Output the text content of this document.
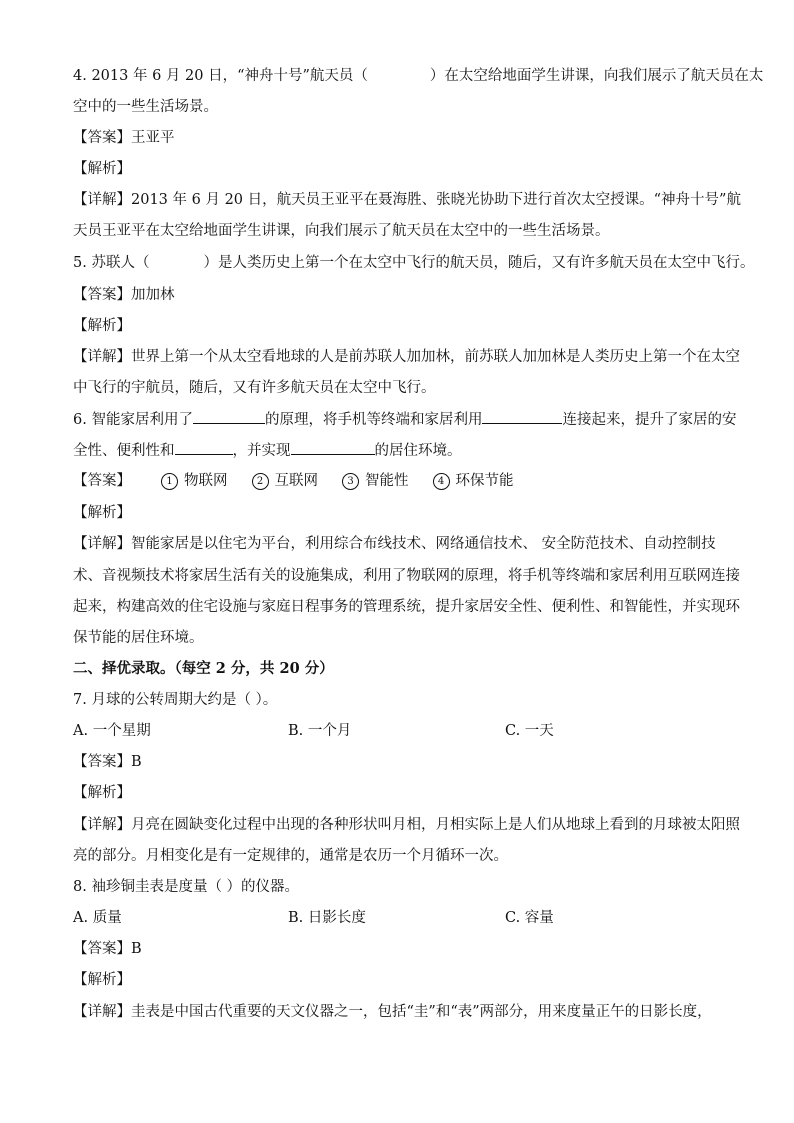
4. 2013 年 6 月 20 日，“神舟十号”航天员（	）在太空给地面学生讲课，向我们展示了航天员在太
空中的一些生活场景。
【答案】王亚平
【解析】
【详解】2013 年 6 月 20 日，航天员王亚平在聂海胜、张晓光协助下进行首次太空授课。“神舟十号”航
天员王亚平在太空给地面学生讲课，向我们展示了航天员在太空中的一些生活场景。
5. 苏联人（	）是人类历史上第一个在太空中飞行的航天员，随后，又有许多航天员在太空中飞行。
【答案】加加林
【解析】
【详解】世界上第一个从太空看地球的人是前苏联人加加林，前苏联人加加林是人类历史上第一个在太空
中飞行的宇航员，随后，又有许多航天员在太空中飞行。
6. 智能家居利用了	的原理，将手机等终端和家居利用	连接起来，提升了家居的安
全性、便利性和	，并实现	的居住环境。
【答案】	1 物联网	2 互联网	3 智能性	4 环保节能
【解析】
【详解】智能家居是以住宅为平台，利用综合布线技术、网络通信技术、 安全防范技术、自动控制技
术、音视频技术将家居生活有关的设施集成，利用了物联网的原理，将手机等终端和家居利用互联网连接
起来，构建高效的住宅设施与家庭日程事务的管理系统，提升家居安全性、便利性、和智能性，并实现环
保节能的居住环境。
二、择优录取。（每空 2 分，共 20 分）
7. 月球的公转周期大约是（ ）。
A. 一个星期	B. 一个月	C. 一天
【答案】B
【解析】
【详解】月亮在圆缺变化过程中出现的各种形状叫月相，月相实际上是人们从地球上看到的月球被太阳照
亮的部分。月相变化是有一定规律的，通常是农历一个月循环一次。
8. 袖珍铜圭表是度量（ ）的仪器。
A. 质量	B. 日影长度	C. 容量
【答案】B
【解析】
【详解】圭表是中国古代重要的天文仪器之一，包括“圭”和“表”两部分，用来度量正午的日影长度，
